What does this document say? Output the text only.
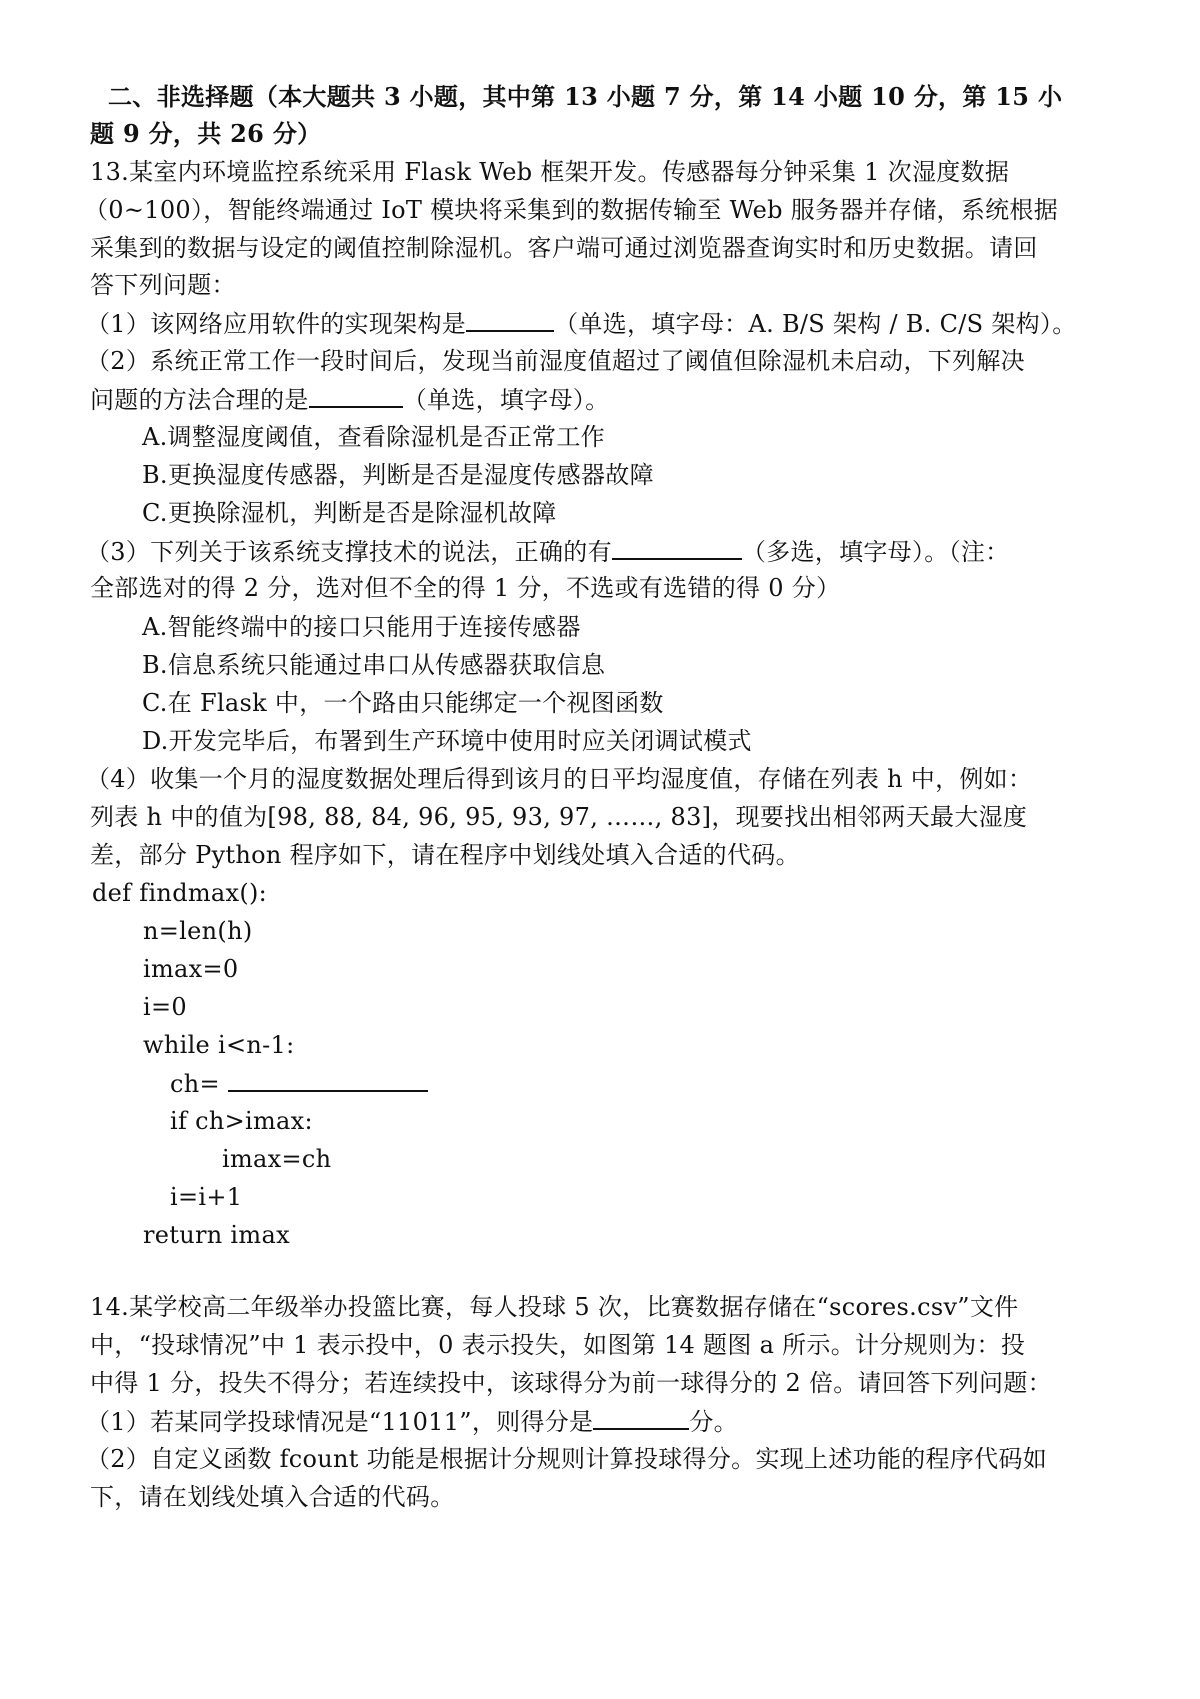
二、非选择题（本大题共 3 小题，其中第 13 小题 7 分，第 14 小题 10 分，第 15 小
题 9 分，共 26 分）
13.某室内环境监控系统采用 Flask Web 框架开发。传感器每分钟采集 1 次湿度数据
（0~100），智能终端通过 IoT 模块将采集到的数据传输至 Web 服务器并存储，系统根据
采集到的数据与设定的阈值控制除湿机。客户端可通过浏览器查询实时和历史数据。请回
答下列问题：
（1）该网络应用软件的实现架构是	（单选，填字母：A. B/S 架构 / B. C/S 架构）。
（2）系统正常工作一段时间后，发现当前湿度值超过了阈值但除湿机未启动，下列解决
问题的方法合理的是	（单选，填字母）。
A.调整湿度阈值，查看除湿机是否正常工作
B.更换湿度传感器，判断是否是湿度传感器故障
C.更换除湿机，判断是否是除湿机故障
（3）下列关于该系统支撑技术的说法，正确的有	（多选，填字母）。（注：
全部选对的得 2 分，选对但不全的得 1 分，不选或有选错的得 0 分）
A.智能终端中的接口只能用于连接传感器
B.信息系统只能通过串口从传感器获取信息
C.在 Flask 中，一个路由只能绑定一个视图函数
D.开发完毕后，布署到生产环境中使用时应关闭调试模式
（4）收集一个月的湿度数据处理后得到该月的日平均湿度值，存储在列表 h 中，例如：
列表 h 中的值为[98, 88, 84, 96, 95, 93, 97, ……, 83]，现要找出相邻两天最大湿度
差，部分 Python 程序如下，请在程序中划线处填入合适的代码。
def findmax():
n=len(h)
imax=0
i=0
while i<n-1:
ch=
if ch>imax:
imax=ch
i=i+1
return imax
14.某学校高二年级举办投篮比赛，每人投球 5 次，比赛数据存储在“scores.csv”文件
中，“投球情况”中 1 表示投中，0 表示投失，如图第 14 题图 a 所示。计分规则为：投
中得 1 分，投失不得分；若连续投中，该球得分为前一球得分的 2 倍。请回答下列问题：
（1）若某同学投球情况是“11011”，则得分是	分。
（2）自定义函数 fcount 功能是根据计分规则计算投球得分。实现上述功能的程序代码如
下，请在划线处填入合适的代码。
